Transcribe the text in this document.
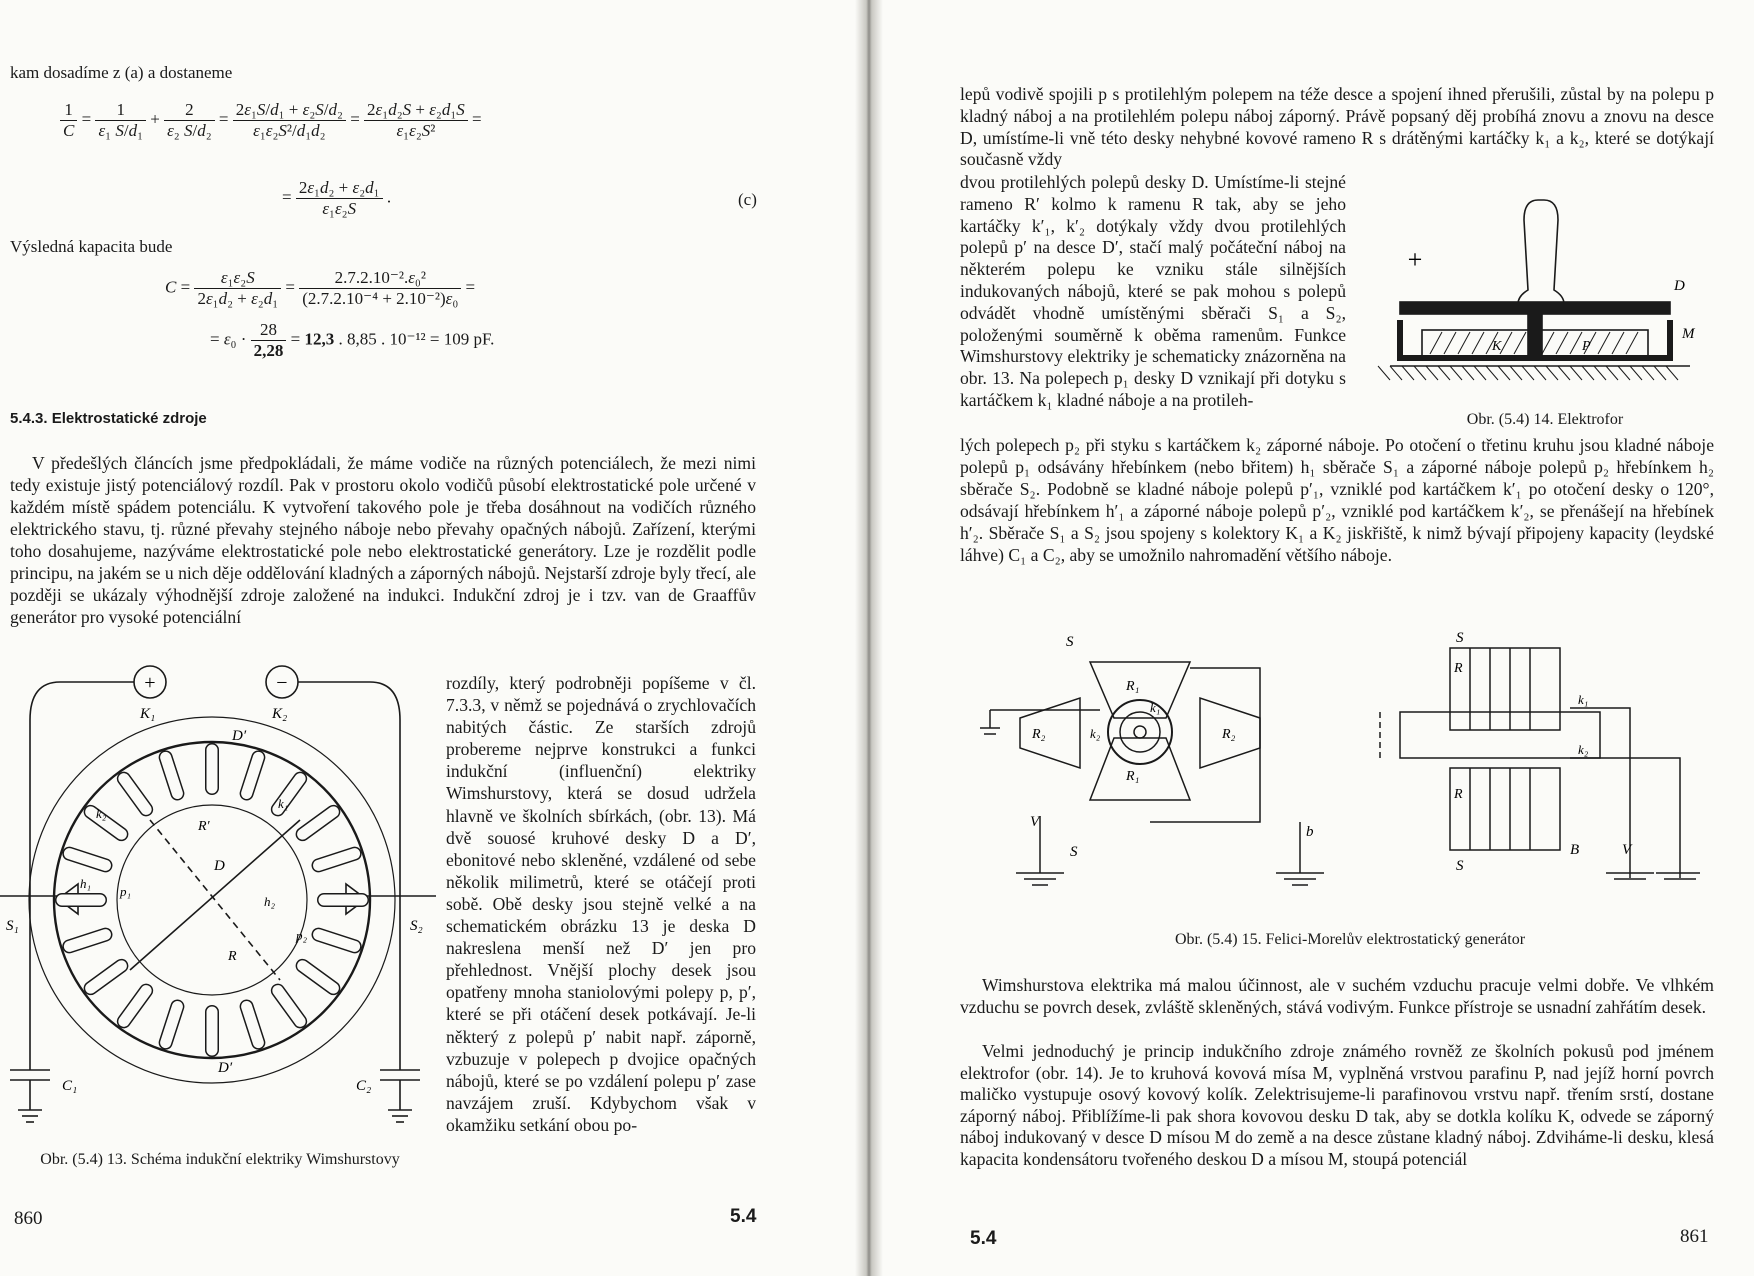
kam dosadíme z (a) a dostaneme
$\frac{1}{C} = \frac{1}{\text{ε₁ S/d₁}} + \frac{2}{\text{ε₂ S/d₂}} = \frac{\text{2ε₁S/d₁ + ε₂S/d₂}}{\text{ε₁ε₂S²/d₁d₂}} = \frac{\text{2ε₁d₂S + ε₂d₁S}}{\text{ε₁ε₂S²}}$ =
= $\frac{\text{2ε₁d₂ + ε₂d₁}}{\text{ε₁ε₂S}}$ .	(c)
Výsledná kapacita bude
$C = \frac{\text{ε₁ε₂S}}{\text{2ε₁d₂ + ε₂d₁}} = \frac{\text{2.7.2.10⁻².ε₀²}}{\text{(2.7.2.10⁻⁴ + 2.10⁻²)ε₀}}$ =
= $\varepsilon_0 \cdot \frac{28}{2,28} = 12,3$ . 8,85 . 10⁻¹² = 109 pF.
5.4.3. Elektrostatické zdroje
V předešlých článcích jsme předpokládali, že máme vodiče na různých potenciálech, že mezi nimi tedy existuje jistý potenciálový rozdíl. Pak v prostoru okolo vodičů působí elektrostatické pole určené v každém místě spádem potenciálu. K vytvoření takového pole je třeba dosáhnout na vodičích různého elektrického stavu, tj. různé převahy stejného náboje nebo převahy opačných nábojů. Zařízení, kterými toho dosahujeme, nazýváme elektrostatické pole nebo elektrostatické generátory. Lze je rozdělit podle principu, na jakém se u nich děje oddělování kladných a záporných nábojů. Nejstarší zdroje byly třecí, ale později se ukázaly výhodnější zdroje založené na indukci. Indukční zdroj je i tzv. van de Graaffův generátor pro vysoké potenciální
rozdíly, který podrobněji popíšeme v čl. 7.3.3, v němž se pojednává o zrychlovačích nabitých částic. Ze starších zdrojů probereme nejprve konstrukci a funkci indukční (influenční) elektriky Wimshurstovy, která se dosud udržela hlavně ve školních sbírkách, (obr. 13). Má dvě souosé kruhové desky D a D′, ebonitové nebo skleněné, vzdálené od sebe několik milimetrů, které se otáčejí proti sobě. Obě desky jsou stejně velké a na schematickém obrázku 13 je deska D nakreslena menší než D′ jen pro přehlednost. Vnější plochy desek jsou opatřeny mnoha staniolovými polepy p, p′, které se při otáčení desek potkávají. Je-li některý z polepů p′ nabit např. záporně, vzbuzuje v polepech p dvojice opačných nábojů, které se po vzdálení polepu p′ zase navzájem zruší. Kdybychom však v okamžiku setkání obou po-
+	−
K₁	K₂
D′
D′
D
R′
R
S₁	S₂
C₁	C₂
h₁
h₂
k₁
k₂
p₁
p₂
Obr. (5.4) 13. Schéma indukční elektriky Wimshurstovy
860	5.4
lepů vodivě spojili p s protilehlým polepem na téže desce a spojení ihned přerušili, zůstal by na polepu p kladný náboj a na protilehlém polepu náboj záporný. Právě popsaný děj probíhá znovu a znovu na desce D, umístíme-li vně této desky nehybné kovové rameno R s drátěnými kartáčky k₁ a k₂, které se dotýkají současně vždy
dvou protilehlých polepů desky D. Umístíme-li stejné rameno R′ kolmo k ramenu R tak, aby se jeho kartáčky k′₁, k′₂ dotýkaly vždy dvou protilehlých polepů p′ na desce D′, stačí malý počáteční náboj na některém polepu ke vzniku stále silnějších indukovaných nábojů, které se pak mohou s polepů odvádět vhodně umístěnými sběrači S₁ a S₂, položenými souměrně k oběma ramenům. Funkce Wimshurstovy elektriky je schematicky znázorněna na obr. 13. Na polepech p₁ desky D vznikají při dotyku s kartáčkem k₁ kladné náboje a na protileh-
+
D
K	P
M
Obr. (5.4) 14. Elektrofor
lých polepech p₂ při styku s kartáčkem k₂ záporné náboje. Po otočení o třetinu kruhu jsou kladné náboje polepů p₁ odsávány hřebínkem (nebo břitem) h₁ sběrače S₁ a záporné náboje polepů p₂ hřebínkem h₂ sběrače S₂. Podobně se kladné náboje polepů p′₁, vzniklé pod kartáčkem k′₁ po otočení desky o 120°, odsávají hřebínkem h′₁ a záporné náboje polepů p′₂, vzniklé pod kartáčkem k′₂, se přenášejí na hřebínek h′₂. Sběrače S₁ a S₂ jsou spojeny s kolektory K₁ a K₂ jiskřiště, k nimž bývají připojeny kapacity (leydské láhve) C₁ a C₂, aby se umožnilo nahromadění většího náboje.
S
R₁
R₁
R₂	R₂
k₁
k₂
V
S
b
S
S
R
R
k₁
k₂
B	V
Obr. (5.4) 15. Felici-Morelův elektrostatický generátor
Wimshurstova elektrika má malou účinnost, ale v suchém vzduchu pracuje velmi dobře. Ve vlhkém vzduchu se povrch desek, zvláště skleněných, stává vodivým. Funkce přístroje se usnadní zahřátím desek.
Velmi jednoduchý je princip indukčního zdroje známého rovněž ze školních pokusů pod jménem elektrofor (obr. 14). Je to kruhová kovová mísa M, vyplněná vrstvou parafinu P, nad jejíž horní povrch maličko vystupuje osový kovový kolík. Zelektrisujeme-li parafinovou vrstvu např. třením srstí, dostane záporný náboj. Přiblížíme-li pak shora kovovou desku D tak, aby se dotkla kolíku K, odvede se záporný náboj indukovaný v desce D mísou M do země a na desce zůstane kladný náboj. Zdviháme-li desku, klesá kapacita kondensátoru tvořeného deskou D a mísou M, stoupá potenciál
5.4	861
